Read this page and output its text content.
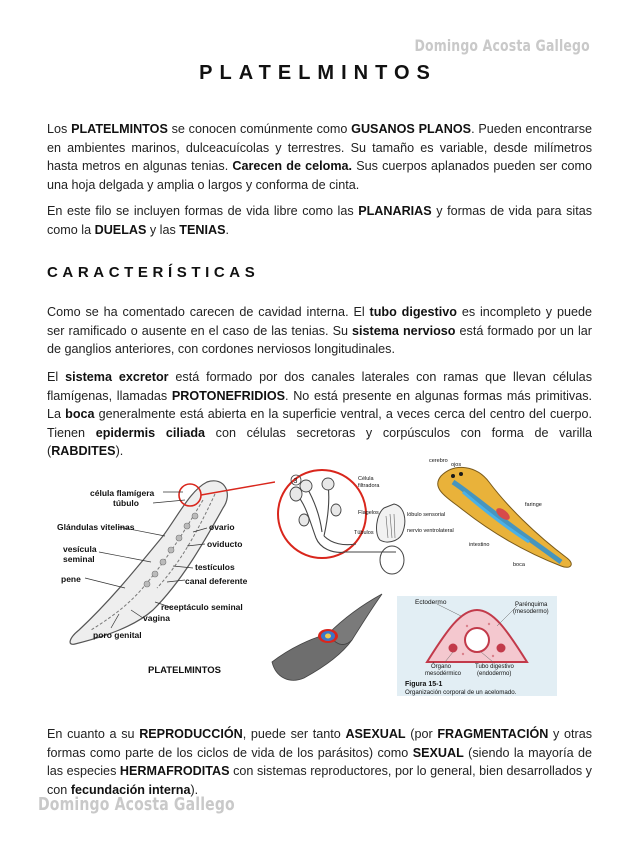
Domingo Acosta Gallego
PLATELMINTOS

Los PLATELMINTOS se conocen comúnmente como GUSANOS PLANOS. Pueden encontrarse en ambientes marinos, dulceacuícolas y terrestres. Su tamaño es variable, desde milímetros hasta metros en algunas tenias. Carecen de celoma. Sus cuerpos aplanados pueden ser como una hoja delgada y amplia o largos y conforma de cinta.

En este filo se incluyen formas de vida libre como las PLANARIAS y formas de vida para sitas como la DUELAS y las TENIAS.

CARACTERÍSTICAS

Como se ha comentado carecen de cavidad interna. El tubo digestivo es incompleto y puede ser ramificado o ausente en el caso de las tenias. Su sistema nervioso está formado por un lar de ganglios anteriores, con cordones nerviosos longitudinales.

El sistema excretor está formado por dos canales laterales con ramas que llevan células flamígenas, llamadas PROTONEFRIDIOS. No está presente en algunas formas más primitivas. La boca generalmente está abierta en la superficie ventral, a veces cerca del centro del cuerpo. Tienen epidermis ciliada con células secretoras y corpúsculos con forma de varilla (RABDITES).

célula flamígera
túbulo
Glándulas vitelinas
vesícula
seminal
pene
ovario
oviducto
testículos
canal deferente
receptáculo seminal
vagina
poro genital
PLATELMINTOS
3	Célula
filtradora
Flagelos
Túbulos
cerebro
ojos
faringe
lóbulo sensorial
nervio ventrolateral
intestino
boca
Ectodermo	Parénquima
(mesodermo)
Órgano
mesodérmico
Tubo digestivo
(endodermo)
Figura 15-1
Organización corporal de un acelomado.

En cuanto a su REPRODUCCIÓN, puede ser tanto ASEXUAL (por FRAGMENTACIÓN y otras formas como parte de los ciclos de vida de los parásitos) como SEXUAL (siendo la mayoría de las especies HERMAFRODITAS con sistemas reproductores, por lo general, bien desarrollados y con fecundación interna).

Domingo Acosta Gallego
